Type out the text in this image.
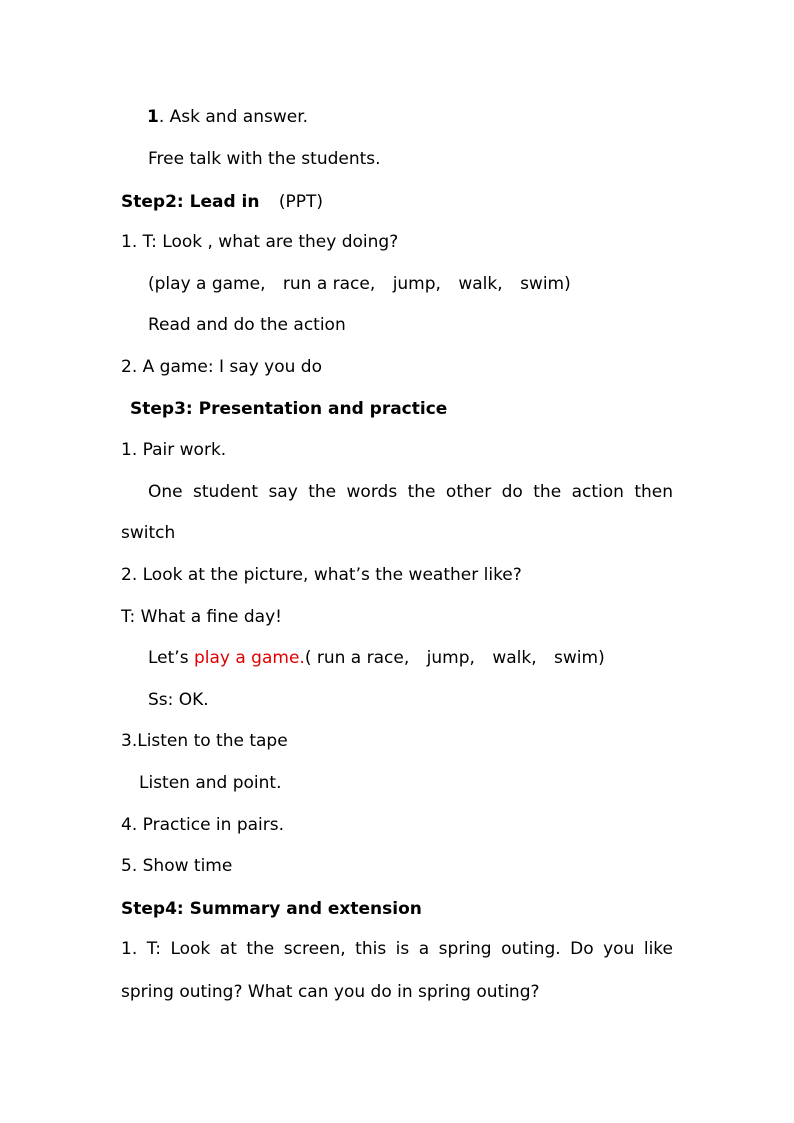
1. Ask and answer.
Free talk with the students.
Step2: Lead in (PPT)
1. T: Look , what are they doing?
(play a game, run a race, jump, walk, swim)
Read and do the action
2. A game: I say you do
Step3: Presentation and practice
1. Pair work.
One student say the words the other do the action then
switch
2. Look at the picture, what’s the weather like?
T: What a fine day!
Let’s play a game.( run a race, jump, walk, swim)
Ss: OK.
3.Listen to the tape
Listen and point.
4. Practice in pairs.
5. Show time
Step4: Summary and extension
1. T: Look at the screen, this is a spring outing. Do you like
spring outing? What can you do in spring outing?
